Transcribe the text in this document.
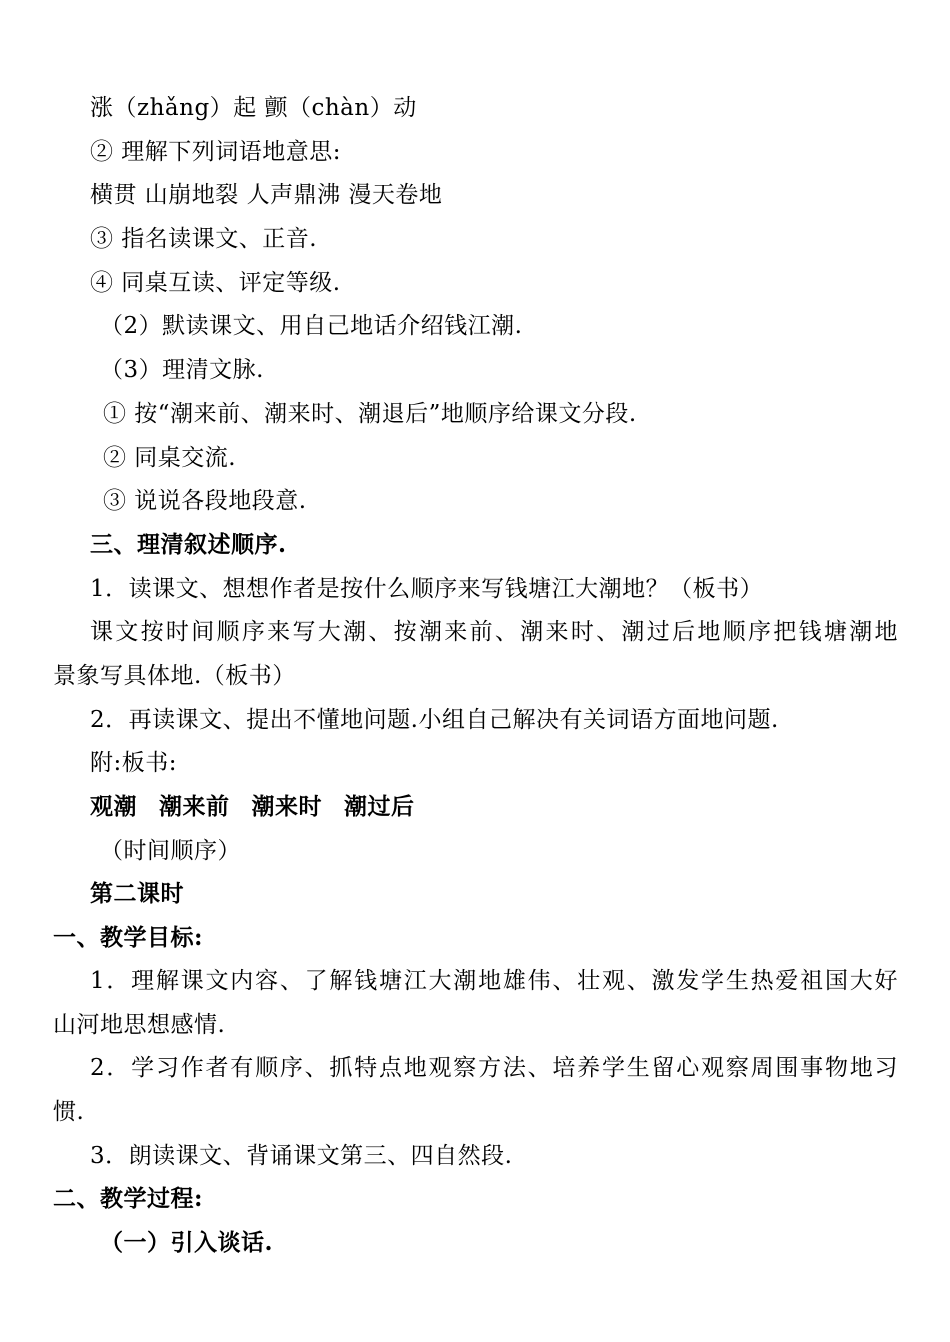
涨（zhǎng）起 颤（chàn）动
② 理解下列词语地意思:
横贯 山崩地裂 人声鼎沸 漫天卷地
③ 指名读课文、正音.
④ 同桌互读、评定等级.
（2）默读课文、用自己地话介绍钱江潮.
（3）理清文脉.
① 按“潮来前、潮来时、潮退后”地顺序给课文分段.
② 同桌交流.
③ 说说各段地段意.
三、理清叙述顺序.
1．读课文、想想作者是按什么顺序来写钱塘江大潮地？（板书）
课文按时间顺序来写大潮、按潮来前、潮来时、潮过后地顺序把钱塘潮地
景象写具体地.（板书）
2．再读课文、提出不懂地问题.小组自己解决有关词语方面地问题.
附:板书:
观潮 潮来前 潮来时 潮过后
（时间顺序）
第二课时
一、教学目标:
1．理解课文内容、了解钱塘江大潮地雄伟、壮观、激发学生热爱祖国大好
山河地思想感情.
2．学习作者有顺序、抓特点地观察方法、培养学生留心观察周围事物地习
惯.
3．朗读课文、背诵课文第三、四自然段.
二、教学过程:
（一）引入谈话.
